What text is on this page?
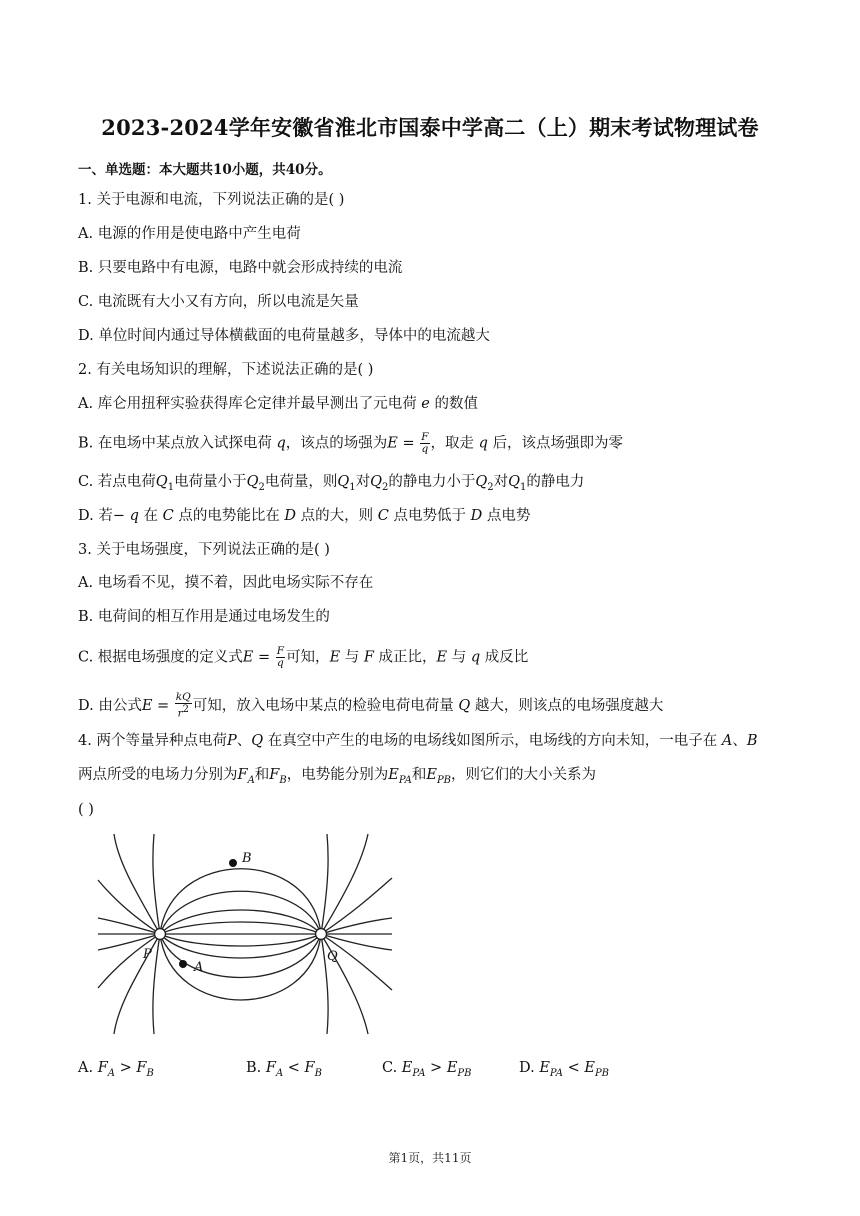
2023-2024学年安徽省淮北市国泰中学高二（上）期末考试物理试卷
一、单选题：本大题共10小题，共40分。
1. 关于电源和电流，下列说法正确的是( )
A. 电源的作用是使电路中产生电荷
B. 只要电路中有电源，电路中就会形成持续的电流
C. 电流既有大小又有方向，所以电流是矢量
D. 单位时间内通过导体横截面的电荷量越多，导体中的电流越大
2. 有关电场知识的理解，下述说法正确的是( )
A. 库仑用扭秤实验获得库仑定律并最早测出了元电荷 e 的数值
B. 在电场中某点放入试探电荷 q，该点的场强为$E = \frac{F}{q}$ ，取走 q 后，该点场强即为零
C. 若点电荷$Q_1$电荷量小于$Q_2$电荷量，则$Q_1$对$Q_2$的静电力小于$Q_2$对$Q_1$的静电力
D. 若− q 在 C 点的电势能比在 D 点的大，则 C 点电势低于 D 点电势
3. 关于电场强度，下列说法正确的是( )
A. 电场看不见，摸不着，因此电场实际不存在
B. 电荷间的相互作用是通过电场发生的
C. 根据电场强度的定义式$E = \frac{F}{q}$ 可知，E 与 F 成正比，E 与 q 成反比
D. 由公式$E = \frac{kQ}{r^2}$ 可知，放入电场中某点的检验电荷电荷量 Q 越大，则该点的电场强度越大
4. 两个等量异种点电荷P、Q 在真空中产生的电场的电场线如图所示，电场线的方向未知，一电子在 A、B
两点所受的电场力分别为$F_A$和$F_B$，电势能分别为$E_{PA}$和$E_{PB}$，则它们的大小关系为
( )
B
A
P	Q
A. $F_A > F_B$	B. $F_A < F_B$	C. $E_{PA} > E_{PB}$	D. $E_{PA} < E_{PB}$
第1页，共11页
